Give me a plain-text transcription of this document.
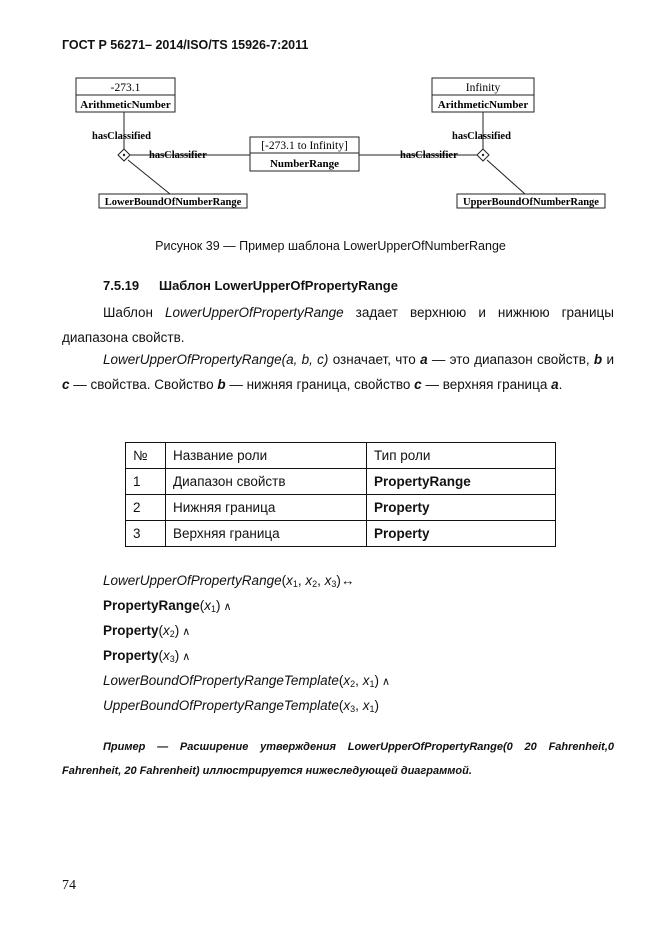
ГОСТ Р 56271– 2014/ISO/TS 15926-7:2011
-273.1
ArithmeticNumber
Infinity
ArithmeticNumber
[-273.1 to Infinity]
NumberRange
LowerBoundOfNumberRange	UpperBoundOfNumberRange
hasClassified
hasClassifier
hasClassified
hasClassifier
Рисунок 39 — Пример шаблона LowerUpperOfNumberRange
7.5.19 Шаблон LowerUpperOfPropertyRange

Шаблон LowerUpperOfPropertyRange задает верхнюю и нижнюю границы диапазона свойств.

LowerUpperOfPropertyRange(a, b, c) означает, что a — это диапазон свойств, b и c — свойства. Свойство b — нижняя граница, свойство c — верхняя граница a.

№	Название роли	Тип роли
1	Диапазон свойств	PropertyRange
2	Нижняя граница	Property
3	Верхняя граница	Property
$LowerUpperOfPropertyRange(x_1$, $x_2$, $x_3)\leftrightarrow$
$PropertyRange(x_1)$ ∧
$Property(x_2)$ ∧
$Property(x_3)$ ∧
$LowerBoundOfPropertyRangeTemplate(x_2$, $x_1$) ∧
$UpperBoundOfPropertyRangeTemplate(x_3$, $x_1$)

Пример — Расширение утверждения LowerUpperOfPropertyRange(0 20 Fahrenheit,0 Fahrenheit, 20 Fahrenheit) иллюстрируется нижеследующей диаграммой.

74
